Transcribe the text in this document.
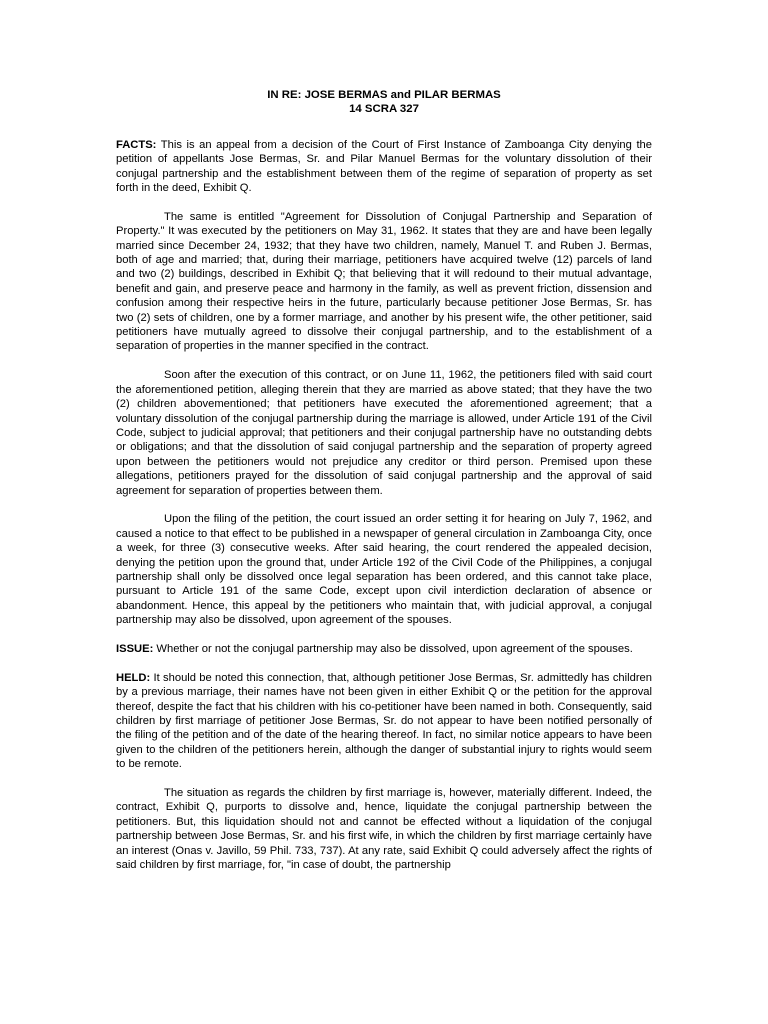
IN RE: JOSE BERMAS and PILAR BERMAS

14 SCRA 327

FACTS: This is an appeal from a decision of the Court of First Instance of Zamboanga City denying the petition of appellants Jose Bermas, Sr. and Pilar Manuel Bermas for the voluntary dissolution of their conjugal partnership and the establishment between them of the regime of separation of property as set forth in the deed, Exhibit Q.

The same is entitled "Agreement for Dissolution of Conjugal Partnership and Separation of Property." It was executed by the petitioners on May 31, 1962. It states that they are and have been legally married since December 24, 1932; that they have two children, namely, Manuel T. and Ruben J. Bermas, both of age and married; that, during their marriage, petitioners have acquired twelve (12) parcels of land and two (2) buildings, described in Exhibit Q; that believing that it will redound to their mutual advantage, benefit and gain, and preserve peace and harmony in the family, as well as prevent friction, dissension and confusion among their respective heirs in the future, particularly because petitioner Jose Bermas, Sr. has two (2) sets of children, one by a former marriage, and another by his present wife, the other petitioner, said petitioners have mutually agreed to dissolve their conjugal partnership, and to the establishment of a separation of properties in the manner specified in the contract.

Soon after the execution of this contract, or on June 11, 1962, the petitioners filed with said court the aforementioned petition, alleging therein that they are married as above stated; that they have the two (2) children abovementioned; that petitioners have executed the aforementioned agreement; that a voluntary dissolution of the conjugal partnership during the marriage is allowed, under Article 191 of the Civil Code, subject to judicial approval; that petitioners and their conjugal partnership have no outstanding debts or obligations; and that the dissolution of said conjugal partnership and the separation of property agreed upon between the petitioners would not prejudice any creditor or third person. Premised upon these allegations, petitioners prayed for the dissolution of said conjugal partnership and the approval of said agreement for separation of properties between them.

Upon the filing of the petition, the court issued an order setting it for hearing on July 7, 1962, and caused a notice to that effect to be published in a newspaper of general circulation in Zamboanga City, once a week, for three (3) consecutive weeks. After said hearing, the court rendered the appealed decision, denying the petition upon the ground that, under Article 192 of the Civil Code of the Philippines, a conjugal partnership shall only be dissolved once legal separation has been ordered, and this cannot take place, pursuant to Article 191 of the same Code, except upon civil interdiction declaration of absence or abandonment. Hence, this appeal by the petitioners who maintain that, with judicial approval, a conjugal partnership may also be dissolved, upon agreement of the spouses.

ISSUE: Whether or not the conjugal partnership may also be dissolved, upon agreement of the spouses.

HELD: It should be noted this connection, that, although petitioner Jose Bermas, Sr. admittedly has children by a previous marriage, their names have not been given in either Exhibit Q or the petition for the approval thereof, despite the fact that his children with his co-petitioner have been named in both. Consequently, said children by first marriage of petitioner Jose Bermas, Sr. do not appear to have been notified personally of the filing of the petition and of the date of the hearing thereof. In fact, no similar notice appears to have been given to the children of the petitioners herein, although the danger of substantial injury to rights would seem to be remote.

The situation as regards the children by first marriage is, however, materially different. Indeed, the contract, Exhibit Q, purports to dissolve and, hence, liquidate the conjugal partnership between the petitioners. But, this liquidation should not and cannot be effected without a liquidation of the conjugal partnership between Jose Bermas, Sr. and his first wife, in which the children by first marriage certainly have an interest (Onas v. Javillo, 59 Phil. 733, 737). At any rate, said Exhibit Q could adversely affect the rights of said children by first marriage, for, "in case of doubt, the partnership
